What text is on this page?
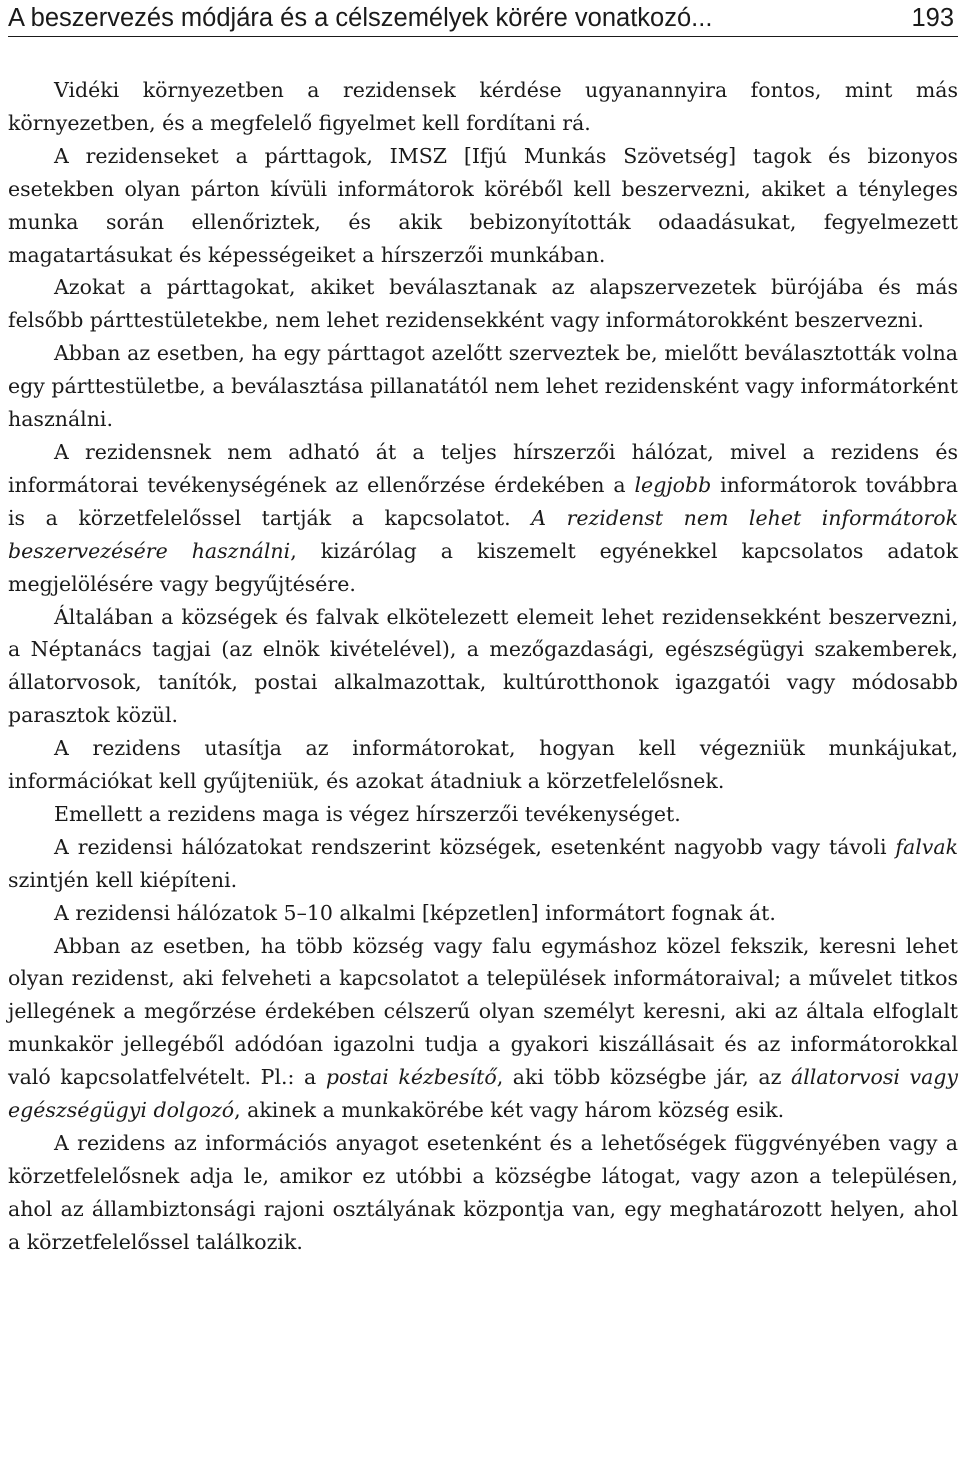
A beszervezés módjára és a célszemélyek körére vonatkozó...	193

Vidéki környezetben a rezidensek kérdése ugyanannyira fontos, mint más környezetben, és a megfelelő figyelmet kell fordítani rá.

A rezidenseket a párttagok, IMSZ [Ifjú Munkás Szövetség] tagok és bizonyos esetekben olyan párton kívüli informátorok köréből kell beszervezni, akiket a tényleges munka során ellenőriztek, és akik bebizonyították odaadásukat, fegyelmezett magatartásukat és képességeiket a hírszerzői munkában.

Azokat a párttagokat, akiket beválasztanak az alapszervezetek bürójába és más felsőbb párttestületekbe, nem lehet rezidensekként vagy informátorokként beszervezni.

Abban az esetben, ha egy párttagot azelőtt szerveztek be, mielőtt beválasztották volna egy párttestületbe, a beválasztása pillanatától nem lehet rezidensként vagy informátorként használni.

A rezidensnek nem adható át a teljes hírszerzői hálózat, mivel a rezidens és informátorai tevékenységének az ellenőrzése érdekében a legjobb informátorok továbbra is a körzetfelelőssel tartják a kapcsolatot. A rezidenst nem lehet informátorok beszervezésére használni, kizárólag a kiszemelt egyénekkel kapcsolatos adatok megjelölésére vagy begyűjtésére.

Általában a községek és falvak elkötelezett elemeit lehet rezidensekként beszervezni, a Néptanács tagjai (az elnök kivételével), a mezőgazdasági, egészségügyi szakemberek, állatorvosok, tanítók, postai alkalmazottak, kultúrotthonok igazgatói vagy módosabb parasztok közül.

A rezidens utasítja az informátorokat, hogyan kell végezniük munkájukat, információkat kell gyűjteniük, és azokat átadniuk a körzetfelelősnek.

Emellett a rezidens maga is végez hírszerzői tevékenységet.

A rezidensi hálózatokat rendszerint községek, esetenként nagyobb vagy távoli falvak szintjén kell kiépíteni.

A rezidensi hálózatok 5–10 alkalmi [képzetlen] informátort fognak át.

Abban az esetben, ha több község vagy falu egymáshoz közel fekszik, keresni lehet olyan rezidenst, aki felveheti a kapcsolatot a települések informátoraival; a művelet titkos jellegének a megőrzése érdekében célszerű olyan személyt keresni, aki az általa elfoglalt munkakör jellegéből adódóan igazolni tudja a gyakori kiszállásait és az informátorokkal való kapcsolatfelvételt. Pl.: a postai kézbesítő, aki több községbe jár, az állatorvosi vagy egészségügyi dolgozó, akinek a munkakörébe két vagy három község esik.

A rezidens az információs anyagot esetenként és a lehetőségek függvényében vagy a körzetfelelősnek adja le, amikor ez utóbbi a községbe látogat, vagy azon a településen, ahol az állambiztonsági rajoni osztályának központja van, egy meghatározott helyen, ahol a körzetfelelőssel találkozik.
